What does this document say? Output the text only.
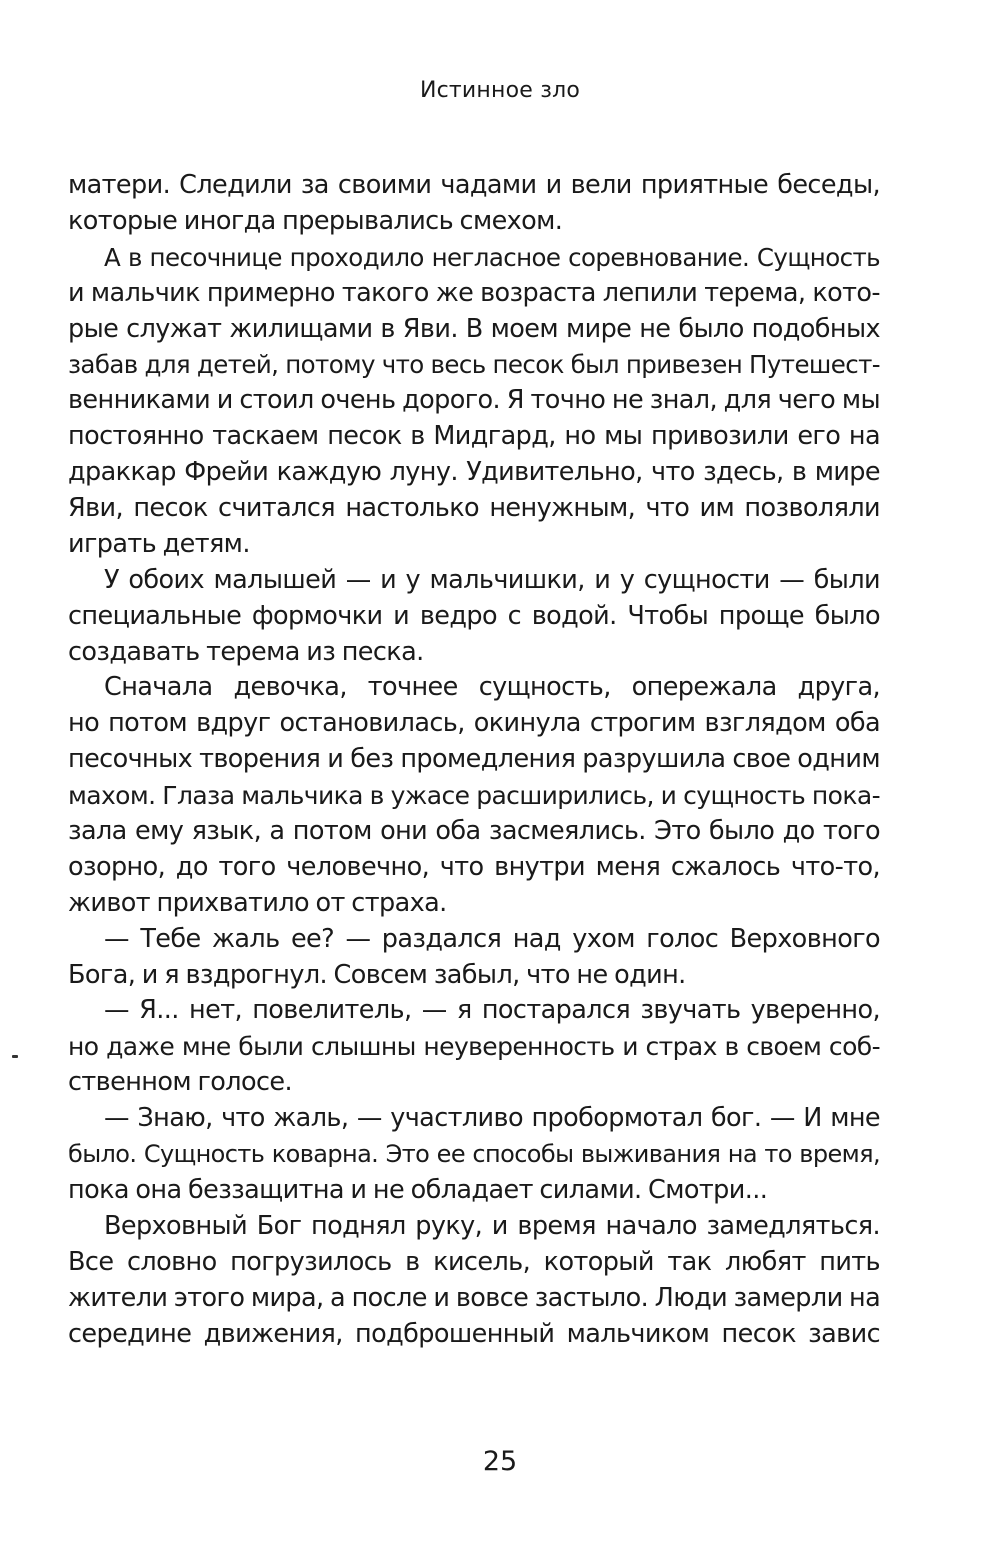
Истинное зло
матери. Следили за своими чадами и вели приятные беседы,
которые иногда прерывались смехом.
А в песочнице проходило негласное соревнование. Сущность
и мальчик примерно такого же возраста лепили терема, кото-
рые служат жилищами в Яви. В моем мире не было подобных
забав для детей, потому что весь песок был привезен Путешест-
венниками и стоил очень дорого. Я точно не знал, для чего мы
постоянно таскаем песок в Мидгард, но мы привозили его на
драккар Фрейи каждую луну. Удивительно, что здесь, в мире
Яви, песок считался настолько ненужным, что им позволяли
играть детям.
У обоих малышей — и у мальчишки, и у сущности — были
специальные формочки и ведро с водой. Чтобы проще было
создавать терема из песка.
Сначала девочка, точнее сущность, опережала друга,
но потом вдруг остановилась, окинула строгим взглядом оба
песочных творения и без промедления разрушила свое одним
махом. Глаза мальчика в ужасе расширились, и сущность пока-
зала ему язык, а потом они оба засмеялись. Это было до того
озорно, до того человечно, что внутри меня сжалось что-то,
живот прихватило от страха.
— Тебе жаль ее? — раздался над ухом голос Верховного
Бога, и я вздрогнул. Совсем забыл, что не один.
— Я... нет, повелитель, — я постарался звучать уверенно,
но даже мне были слышны неуверенность и страх в своем соб-
ственном голосе.
— Знаю, что жаль, — участливо пробормотал бог. — И мне
было. Сущность коварна. Это ее способы выживания на то время,
пока она беззащитна и не обладает силами. Смотри...
Верховный Бог поднял руку, и время начало замедляться.
Все словно погрузилось в кисель, который так любят пить
жители этого мира, а после и вовсе застыло. Люди замерли на
середине движения, подброшенный мальчиком песок завис
25
